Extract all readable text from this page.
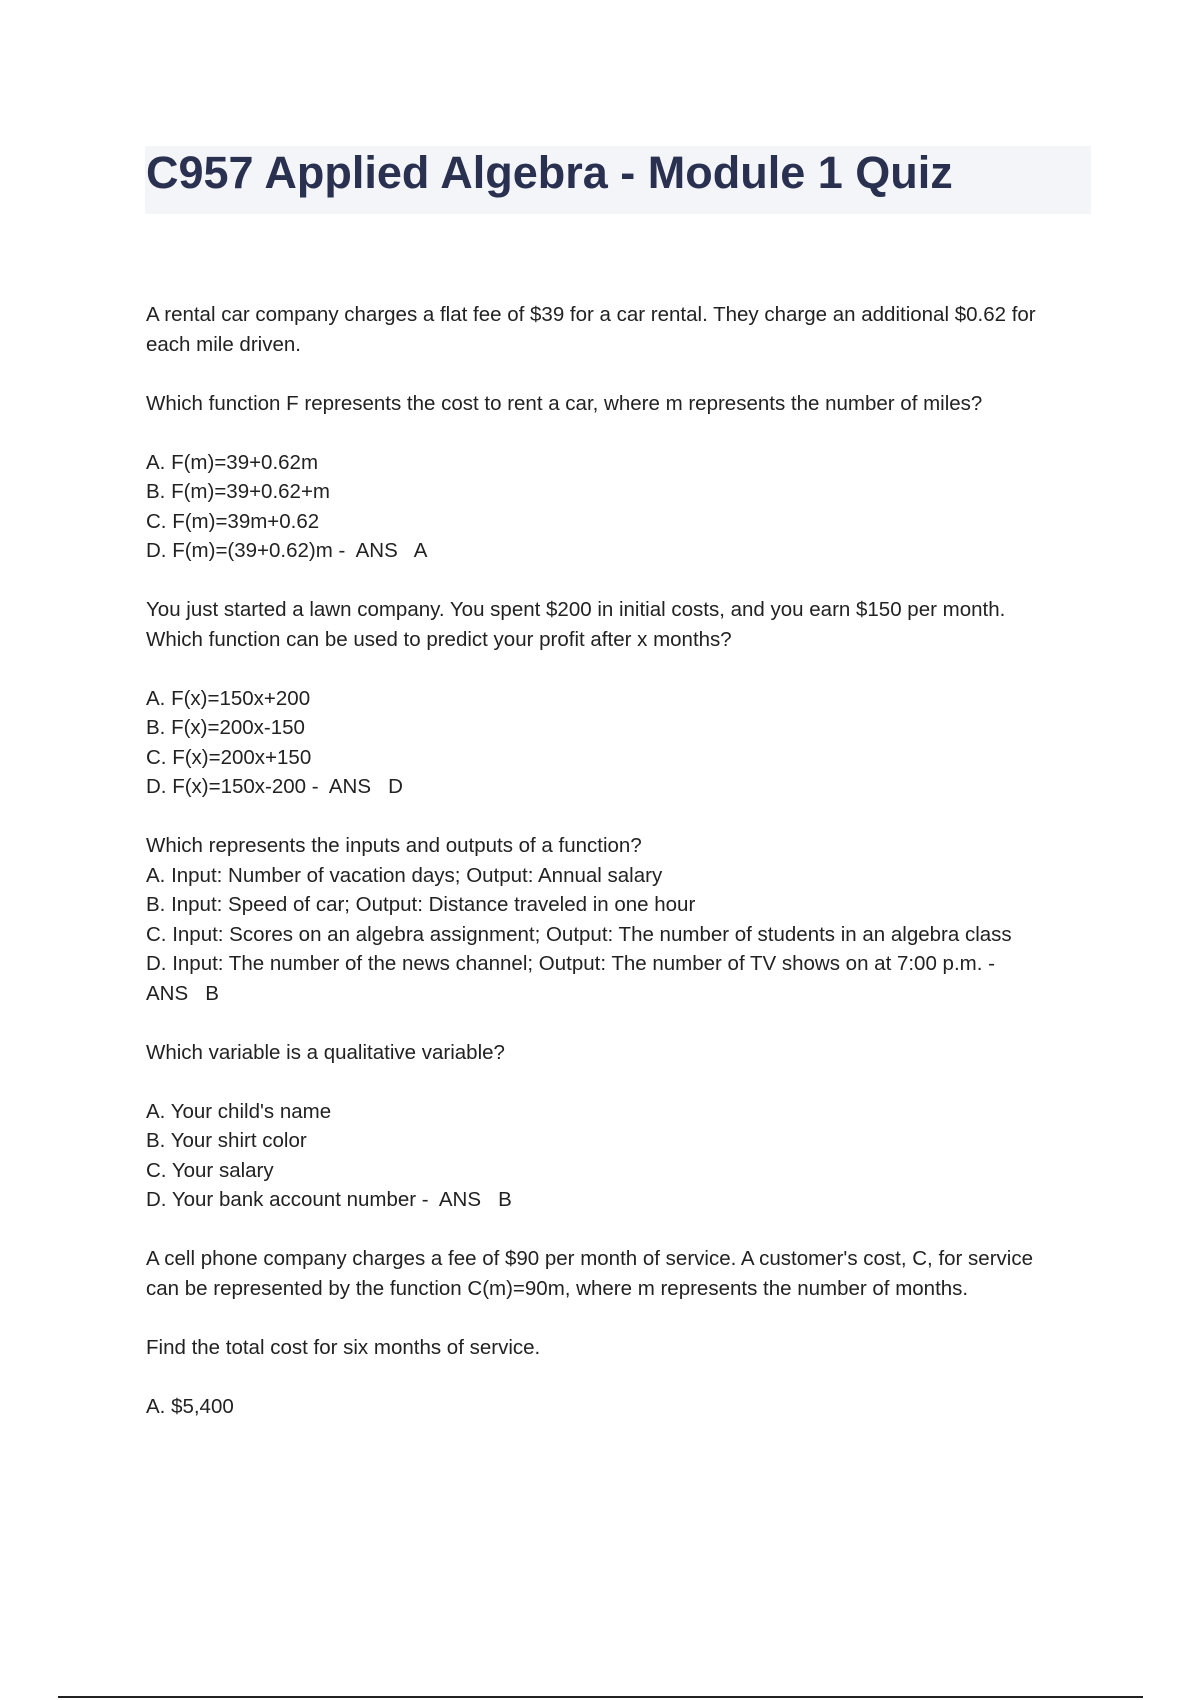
C957 Applied Algebra - Module 1 Quiz

A rental car company charges a flat fee of $39 for a car rental. They charge an additional $0.62 for each mile driven.

Which function F represents the cost to rent a car, where m represents the number of miles?

A. F(m)=39+0.62m
B. F(m)=39+0.62+m
C. F(m)=39m+0.62
D. F(m)=(39+0.62)m -  ANS   A

You just started a lawn company. You spent $200 in initial costs, and you earn $150 per month.
Which function can be used to predict your profit after x months?

A. F(x)=150x+200
B. F(x)=200x-150
C. F(x)=200x+150
D. F(x)=150x-200 -  ANS   D

Which represents the inputs and outputs of a function?
A. Input: Number of vacation days; Output: Annual salary
B. Input: Speed of car; Output: Distance traveled in one hour
C. Input: Scores on an algebra assignment; Output: The number of students in an algebra class
D. Input: The number of the news channel; Output: The number of TV shows on at 7:00 p.m. -
ANS   B

Which variable is a qualitative variable?

A. Your child's name
B. Your shirt color
C. Your salary
D. Your bank account number -  ANS   B

A cell phone company charges a fee of $90 per month of service. A customer's cost, C, for service can be represented by the function C(m)=90m, where m represents the number of months.

Find the total cost for six months of service.

A. $5,400
